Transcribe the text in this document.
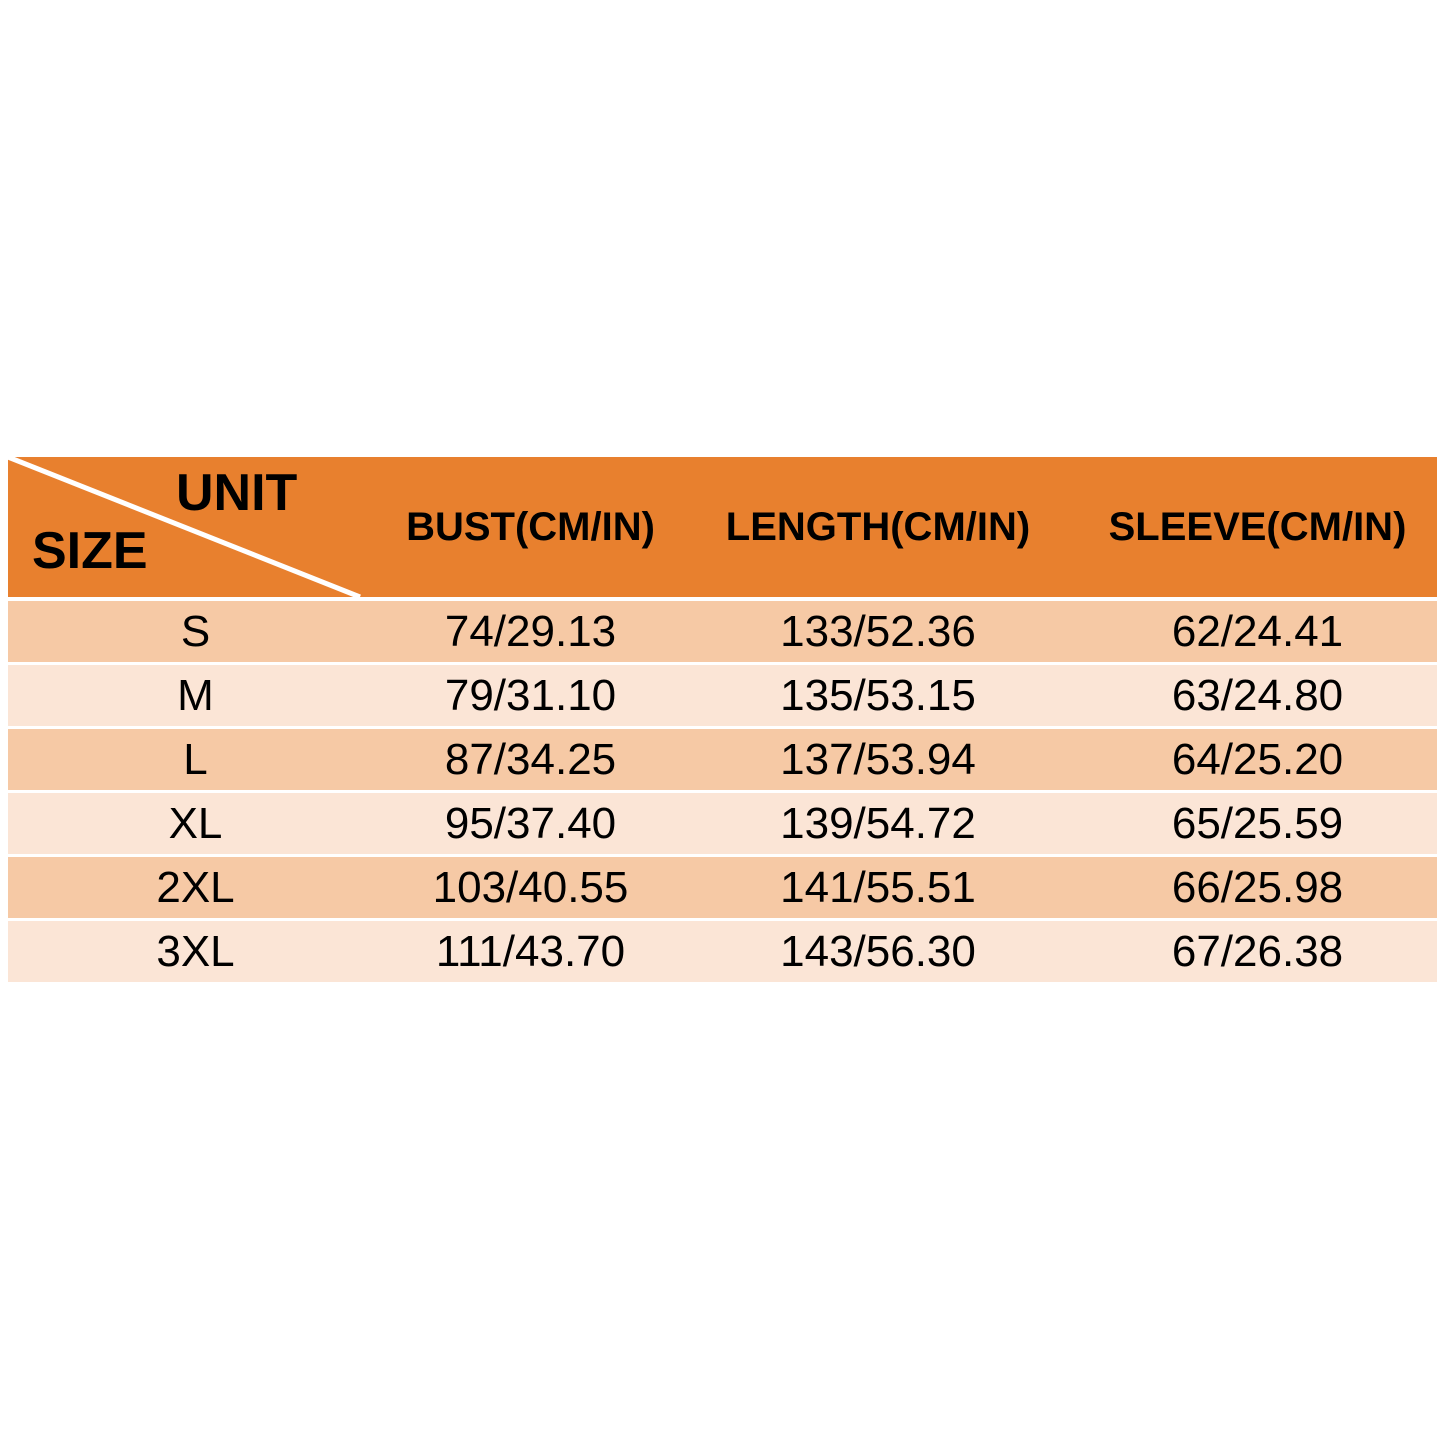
UNIT
SIZE	BUST(CM/IN) LENGTH(CM/IN) SLEEVE(CM/IN)
S	74/29.13	133/52.36	62/24.41
M	79/31.10	135/53.15	63/24.80
L	87/34.25	137/53.94	64/25.20
XL	95/37.40	139/54.72	65/25.59
2XL	103/40.55	141/55.51	66/25.98
3XL	111/43.70	143/56.30	67/26.38
